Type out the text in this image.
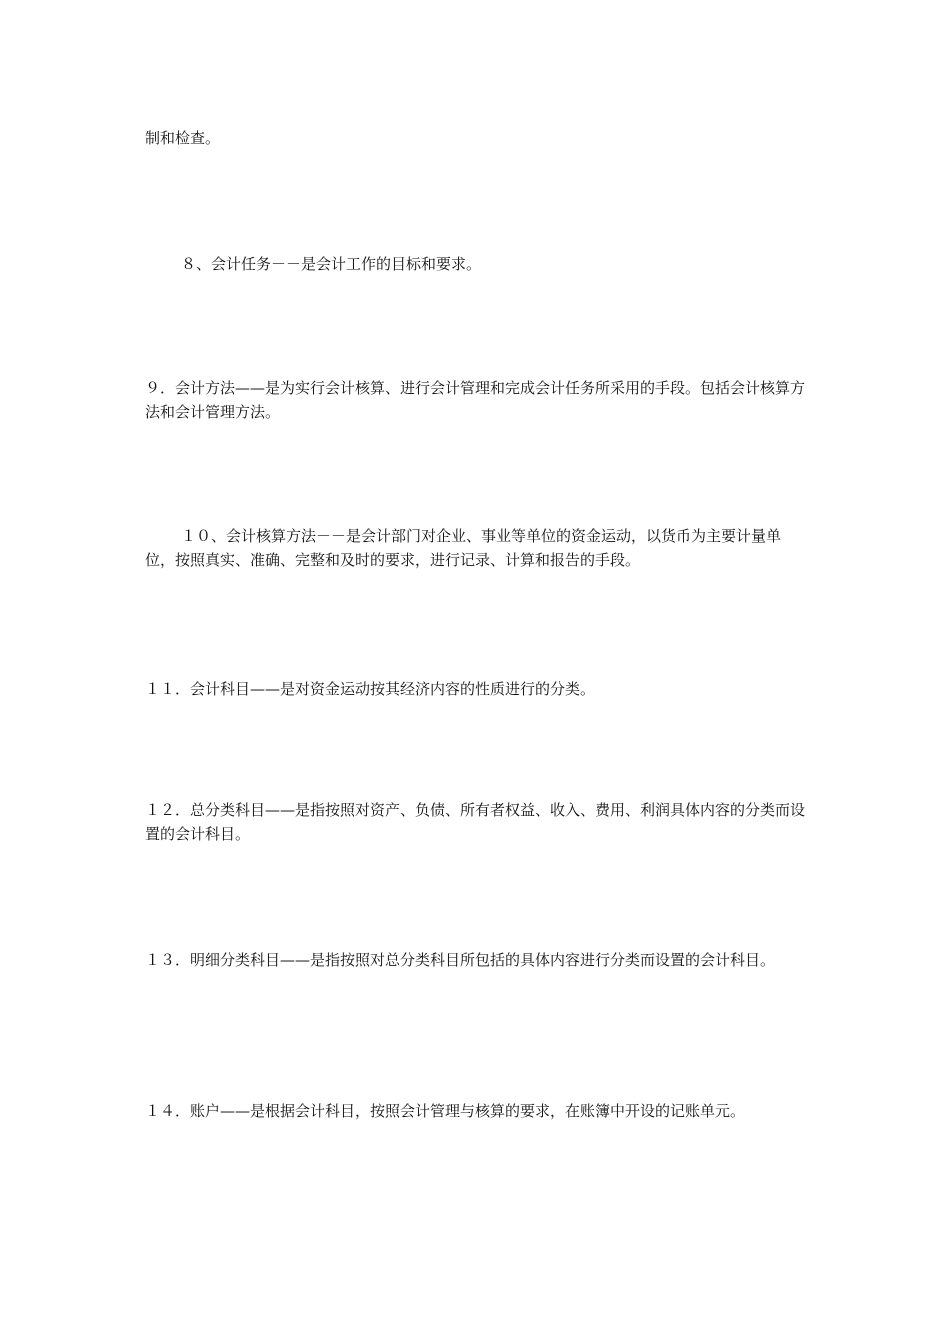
制和检查。

８、会计任务－－是会计工作的目标和要求。

９．会计方法——是为实行会计核算、进行会计管理和完成会计任务所采用的手段。包括会计核算方法和会计管理方法。

１０、会计核算方法－－是会计部门对企业、事业等单位的资金运动，以货币为主要计量单位，按照真实、准确、完整和及时的要求，进行记录、计算和报告的手段。

１１．会计科目——是对资金运动按其经济内容的性质进行的分类。

１２．总分类科目——是指按照对资产、负债、所有者权益、收入、费用、利润具体内容的分类而设置的会计科目。

１３．明细分类科目——是指按照对总分类科目所包括的具体内容进行分类而设置的会计科目。

１４．账户——是根据会计科目，按照会计管理与核算的要求，在账簿中开设的记账单元。
